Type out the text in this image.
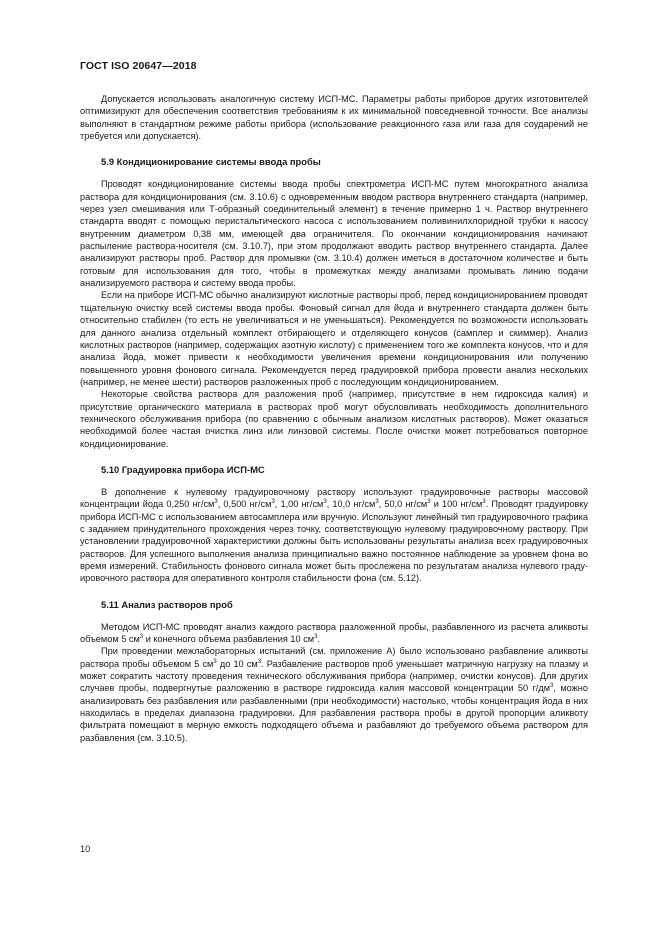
ГОСТ ISO 20647—2018

Допускается использовать аналогичную систему ИСП-МС. Параметры работы приборов других изготовителей оптимизируют для обеспечения соответствия требованиям к их минимальной повседневной точности. Все анализы выполняют в стандартном режиме работы прибора (использование реакционного газа или газа для соударений не требуется или допускается).

5.9 Кондиционирование системы ввода пробы

Проводят кондиционирование системы ввода пробы спектрометра ИСП-МС путем многократного анализа раствора для кондиционирования (см. 3.10.6) с одновременным вводом раствора внутреннего стандарта (например, через узел смешивания или Т-образный соединительный элемент) в течение примерно 1 ч. Раствор внутреннего стандарта вводят с помощью перистальтического насоса с использованием поливинилхлоридной трубки к насосу внутренним диаметром 0,38 мм, имеющей два ограничителя. По окончании кондиционирования начинают распыление раствора-носителя (см. 3.10.7), при этом продолжают вводить раствор внутреннего стандарта. Далее анализируют растворы проб. Раствор для промывки (см. 3.10.4) должен иметься в достаточном количестве и быть готовым для использования для того, чтобы в промежутках между анализами промывать линию подачи анализируемого раствора и систему ввода пробы.

Если на приборе ИСП-МС обычно анализируют кислотные растворы проб, перед кондиционированием проводят тщательную очистку всей системы ввода пробы. Фоновый сигнал для йода и внутреннего стандарта должен быть относительно стабилен (то есть не увеличиваться и не уменьшаться). Рекомендуется по возможности использовать для данного анализа отдельный комплект отбирающего и отделяющего конусов (самплер и скиммер). Анализ кислотных растворов (например, содержащих азотную кислоту) с применением того же комплекта конусов, что и для анализа йода, может привести к необходимости увеличения времени кондиционирования или получению повышенного уровня фонового сигнала. Рекомендуется перед градуировкой прибора провести анализ нескольких (например, не менее шести) растворов разложенных проб с последующим кондиционированием.

Некоторые свойства раствора для разложения проб (например, присутствие в нем гидроксида калия) и присутствие органического материала в растворах проб могут обусловливать необходимость дополнительного технического обслуживания прибора (по сравнению с обычным анализом кислотных растворов). Может оказаться необходимой более частая очистка линз или линзовой системы. После очистки может потребоваться повторное кондиционирование.

5.10 Градуировка прибора ИСП-МС

В дополнение к нулевому градуировочному раствору используют градуировочные растворы массовой концентрации йода 0,250 $нг/см^3$, 0,500 $нг/см^3$, 1,00 $нг/см^3$, 10,0 $нг/см^3$, 50,0 $нг/см^3$ и 100 $нг/см^3$. Проводят градуировку прибора ИСП-МС с использованием автосамплера или вручную. Используют линейный тип градуировочного графика с заданием принудительного прохождения через точку, соответствующую нулевому градуировочному раствору. При установлении градуировочной характеристики должны быть использованы результаты анализа всех градуировочных растворов. Для успешного выполнения анализа принципиально важно постоянное наблюдение за уровнем фона во время измерений. Стабильность фонового сигнала может быть прослежена по результатам анализа нулевого градуировочного раствора для оперативного контроля стабильности фона (см. 5.12).

5.11 Анализ растворов проб

Методом ИСП-МС проводят анализ каждого раствора разложенной пробы, разбавленного из расчета аликвоты объемом 5 $см^3$ и конечного объема разбавления 10 $см^3$.

При проведении межлабораторных испытаний (см. приложение А) было использовано разбавление аликвоты раствора пробы объемом 5 $см^3$ до 10 $см^3$. Разбавление растворов проб уменьшает матричную нагрузку на плазму и может сократить частоту проведения технического обслуживания прибора (например, очистки конусов). Для других случаев пробы, подвергнутые разложению в растворе гидроксида калия массовой концентрации 50 $г/дм^3$, можно анализировать без разбавления или разбавленными (при необходимости) настолько, чтобы концентрация йода в них находилась в пределах диапазона градуировки. Для разбавления раствора пробы в другой пропорции аликвоту фильтрата помещают в мерную емкость подходящего объема и разбавляют до требуемого объема раствором для разбавления (см. 3.10.5).

10
